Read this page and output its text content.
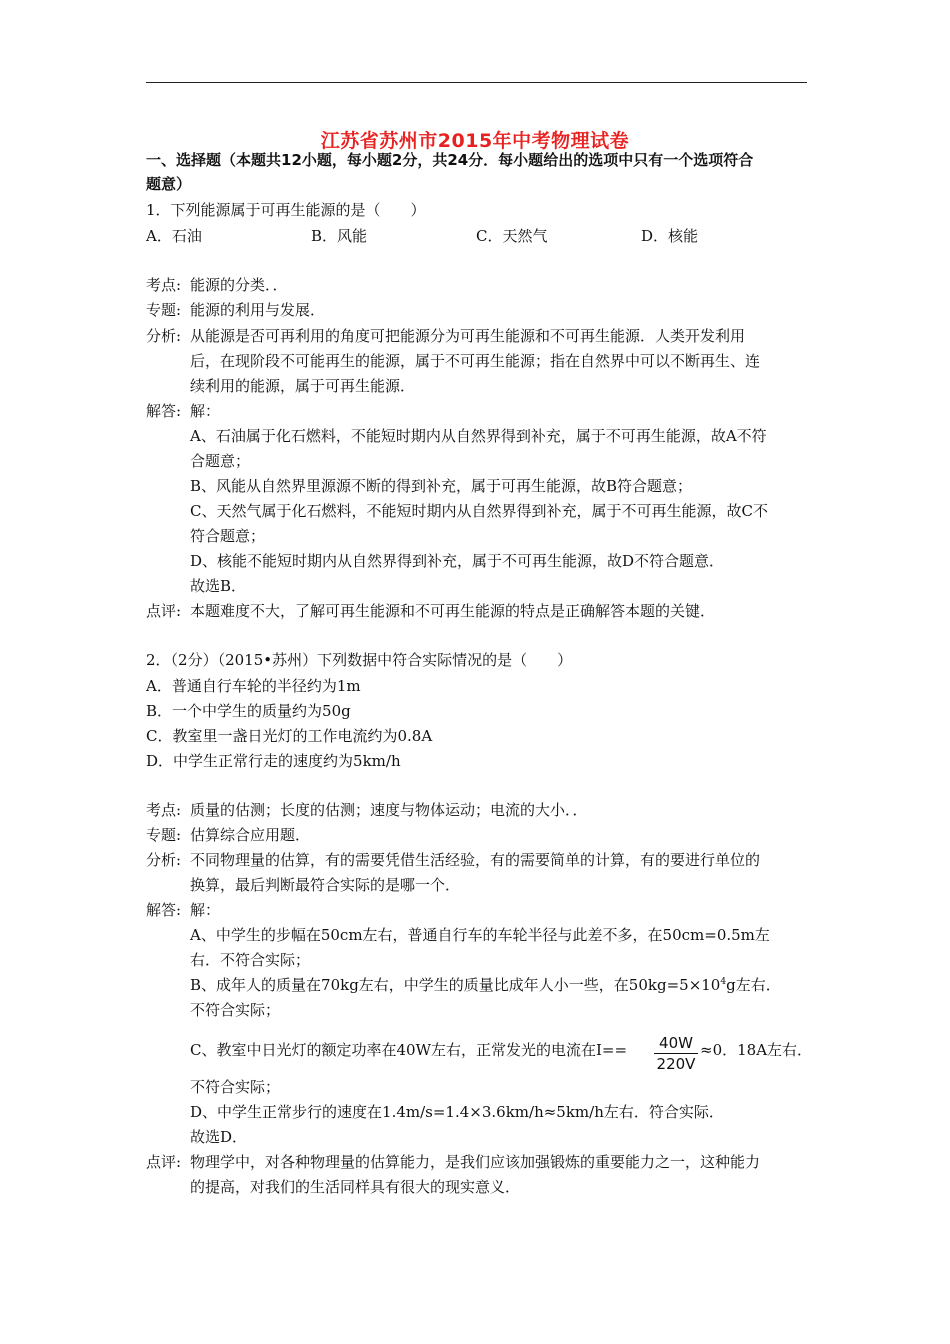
江苏省苏州市2015年中考物理试卷
一、选择题（本题共12小题，每小题2分，共24分．每小题给出的选项中只有一个选项符合
题意）
1．下列能源属于可再生能源的是（　　）
A．石油	B．风能	C．天然气	D．核能
考点: 能源的分类．．
专题: 能源的利用与发展．
分析: 从能源是否可再利用的角度可把能源分为可再生能源和不可再生能源．人类开发利用
后，在现阶段不可能再生的能源，属于不可再生能源；指在自然界中可以不断再生、连
续利用的能源，属于可再生能源．
解答: 解：
A、石油属于化石燃料，不能短时期内从自然界得到补充，属于不可再生能源，故A不符
合题意；
B、风能从自然界里源源不断的得到补充，属于可再生能源，故B符合题意；
C、天然气属于化石燃料，不能短时期内从自然界得到补充，属于不可再生能源，故C不
符合题意；
D、核能不能短时期内从自然界得到补充，属于不可再生能源，故D不符合题意．
故选B．
点评: 本题难度不大，了解可再生能源和不可再生能源的特点是正确解答本题的关键．
2．（2分）（2015•苏州）下列数据中符合实际情况的是（　　）
A．普通自行车轮的半径约为1m
B．一个中学生的质量约为50g
C．教室里一盏日光灯的工作电流约为0.8A
D．中学生正常行走的速度约为5km/h
考点: 质量的估测；长度的估测；速度与物体运动；电流的大小．．
专题: 估算综合应用题．
分析: 不同物理量的估算，有的需要凭借生活经验，有的需要简单的计算，有的要进行单位的
换算，最后判断最符合实际的是哪一个．
解答: 解：
A、中学生的步幅在50cm左右，普通自行车的车轮半径与此差不多，在50cm=0.5m左
右．不符合实际；
B、成年人的质量在70kg左右，中学生的质量比成年人小一些，在$50kg=5\times 10^4g$左右．
不符合实际；
C、教室中日光灯的额定功率在40W左右，正常发光的电流在I==	40W
220V
≈0．18A左右．
不符合实际；
D、中学生正常步行的速度在1.4m/s=1.4×3.6km/h≈5km/h左右．符合实际．
故选D．
点评: 物理学中，对各种物理量的估算能力，是我们应该加强锻炼的重要能力之一，这种能力
的提高，对我们的生活同样具有很大的现实意义．
